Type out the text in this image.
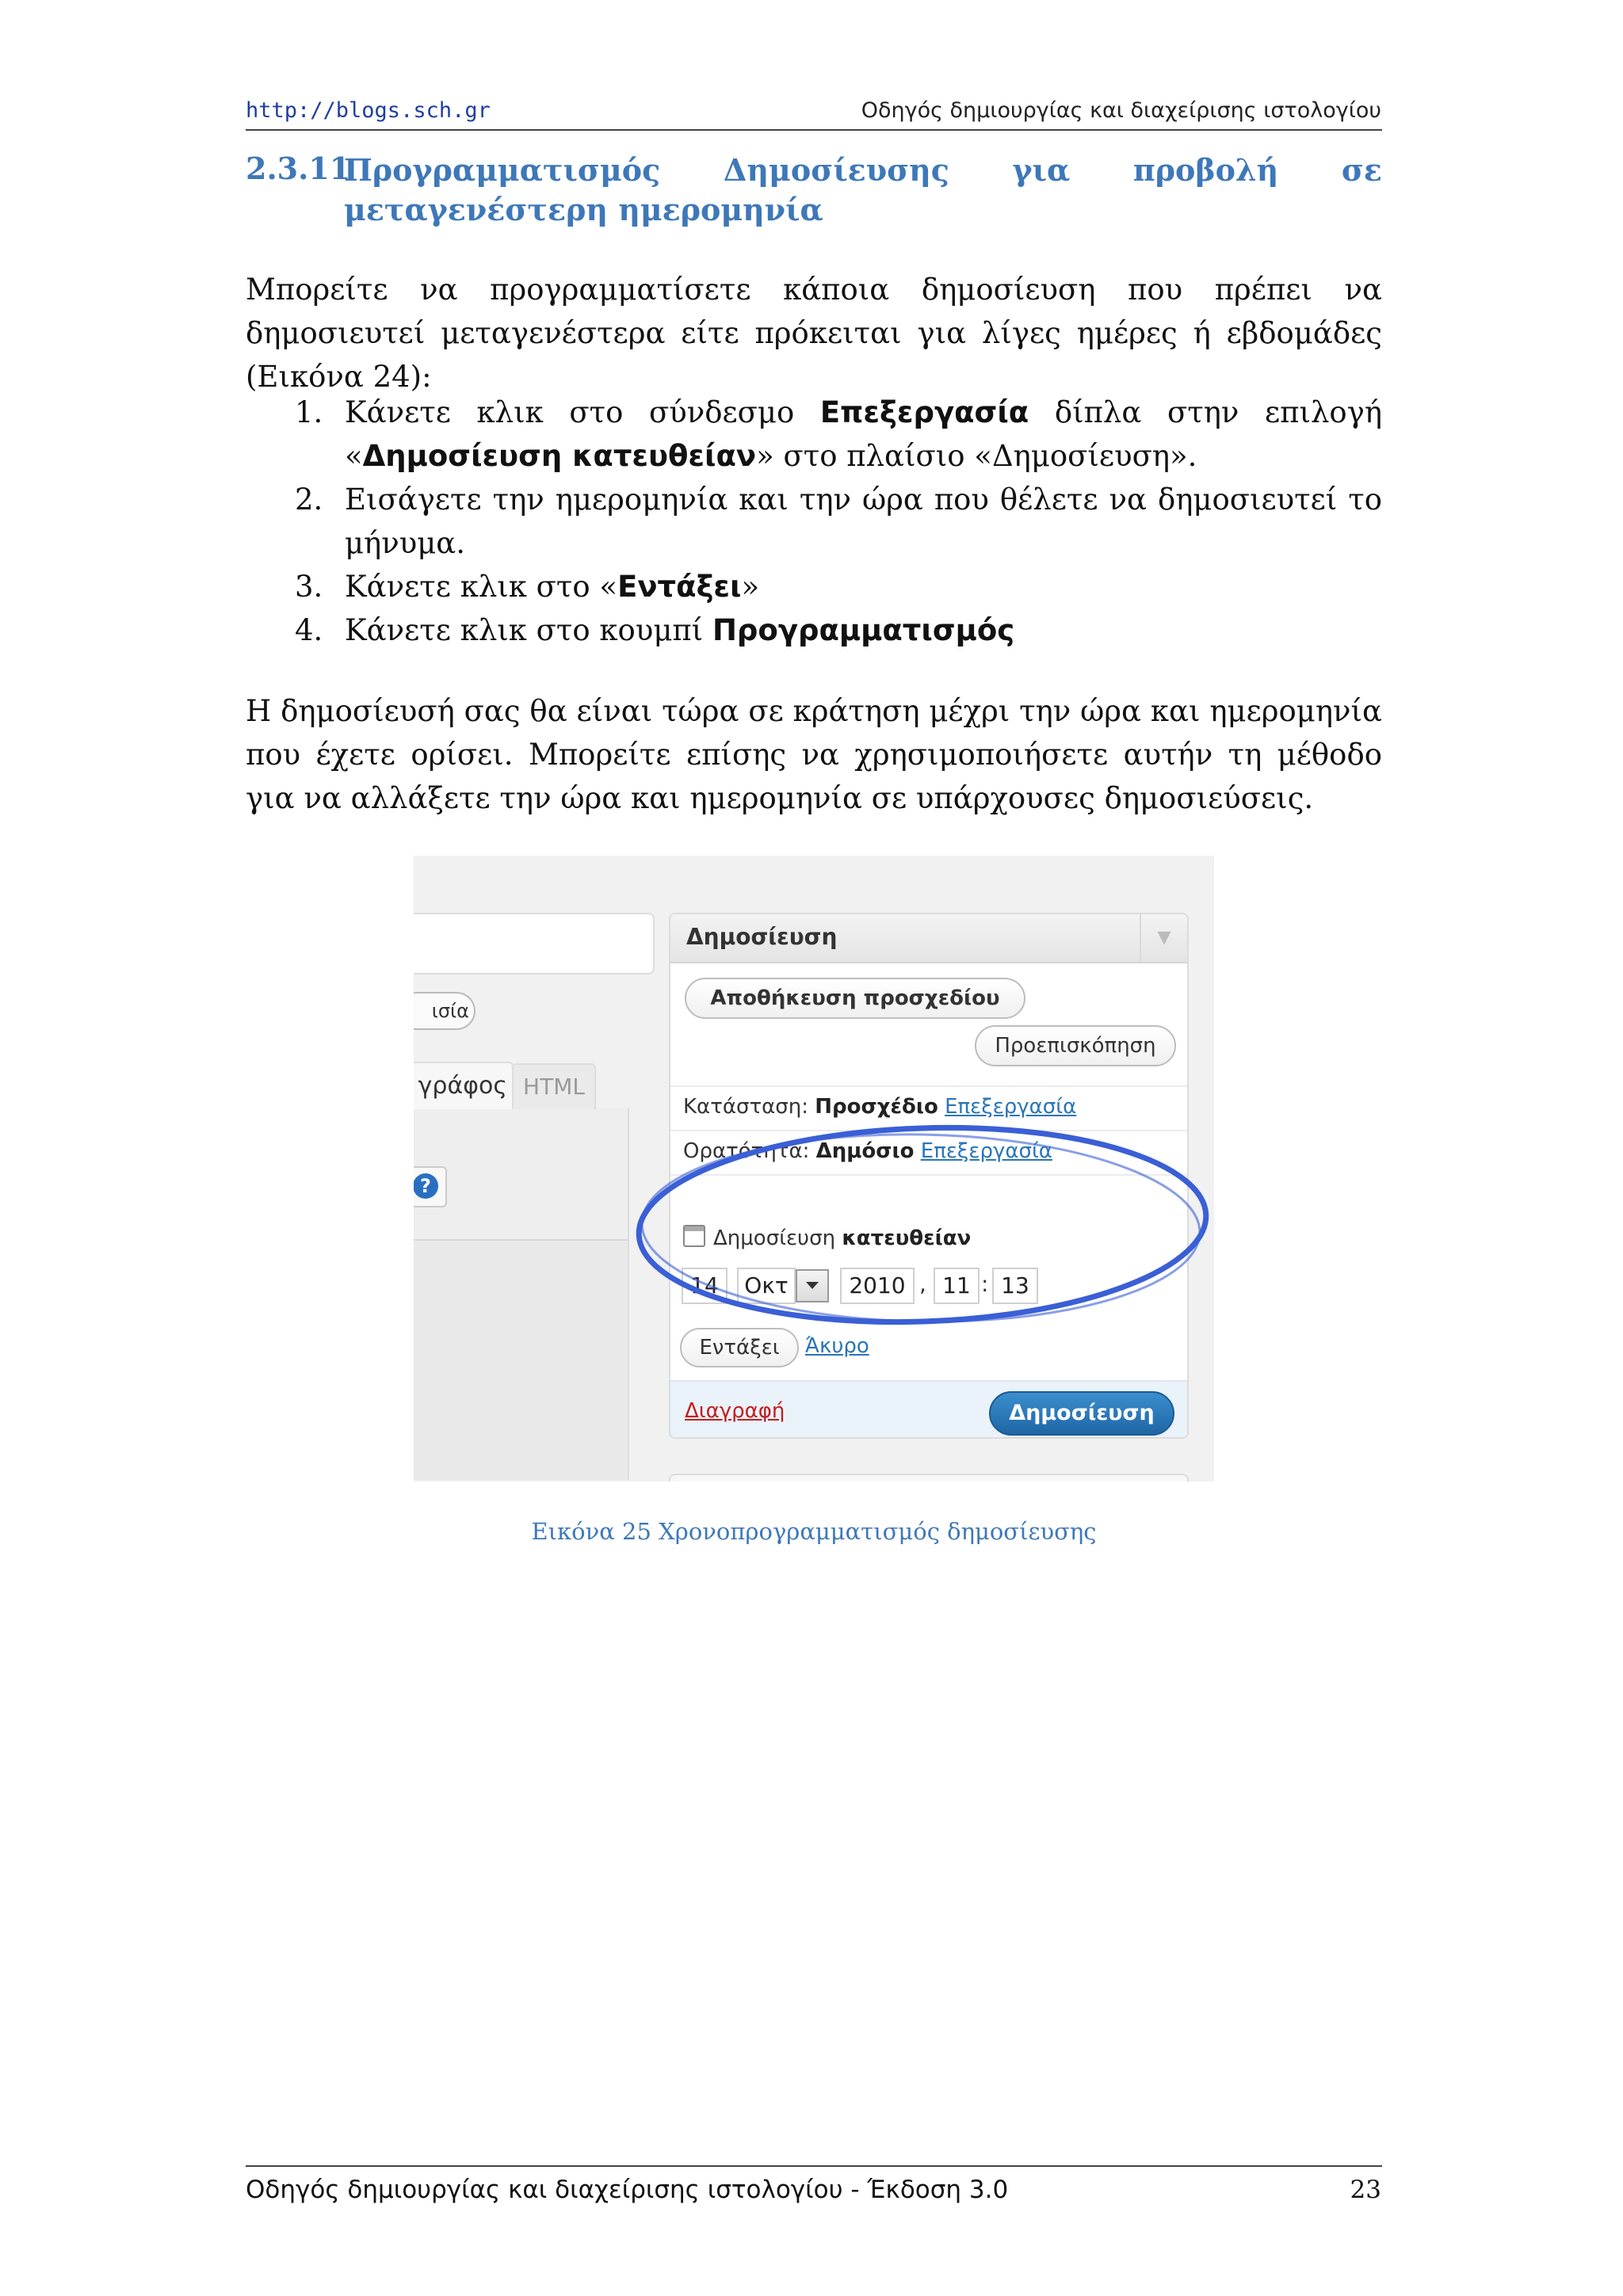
http://blogs.sch.gr	Οδηγός δημιουργίας και διαχείρισης ιστολογίου
2.3.11
Προγραμματισμός Δημοσίευσης για προβολή σε μεταγενέστερη ημερομηνία
Μπορείτε να προγραμματίσετε κάποια δημοσίευση που πρέπει να δημοσιευτεί μεταγενέστερα είτε πρόκειται για λίγες ημέρες ή εβδομάδες (Εικόνα 24):
1. Κάνετε κλικ στο σύνδεσμο Επεξεργασία δίπλα στην επιλογή «Δημοσίευση κατευθείαν» στο πλαίσιο «Δημοσίευση».
2. Εισάγετε την ημερομηνία και την ώρα που θέλετε να δημοσιευτεί το μήνυμα.
3. Κάνετε κλικ στο «Εντάξει»
4. Κάνετε κλικ στο κουμπί Προγραμματισμός
Η δημοσίευσή σας θα είναι τώρα σε κράτηση μέχρι την ώρα και ημερομηνία που έχετε ορίσει. Μπορείτε επίσης να χρησιμοποιήσετε αυτήν τη μέθοδο για να αλλάξετε την ώρα και ημερομηνία σε υπάρχουσες δημοσιεύσεις.
ισία
γράφος HTML
?
Δημοσίευση	▼
Αποθήκευση προσχεδίου
Προεπισκόπηση
Κατάσταση: Προσχέδιο Επεξεργασία
Ορατότητα: Δημόσιο Επεξεργασία
Δημοσίευση κατευθείαν
14	Οκτ	2010 , 11 : 13
Εντάξει	Άκυρο
Διαγραφή	Δημοσίευση
Εικόνα 25 Χρονοπρογραμματισμός δημοσίευσης
Οδηγός δημιουργίας και διαχείρισης ιστολογίου - Έκδοση 3.0	23
